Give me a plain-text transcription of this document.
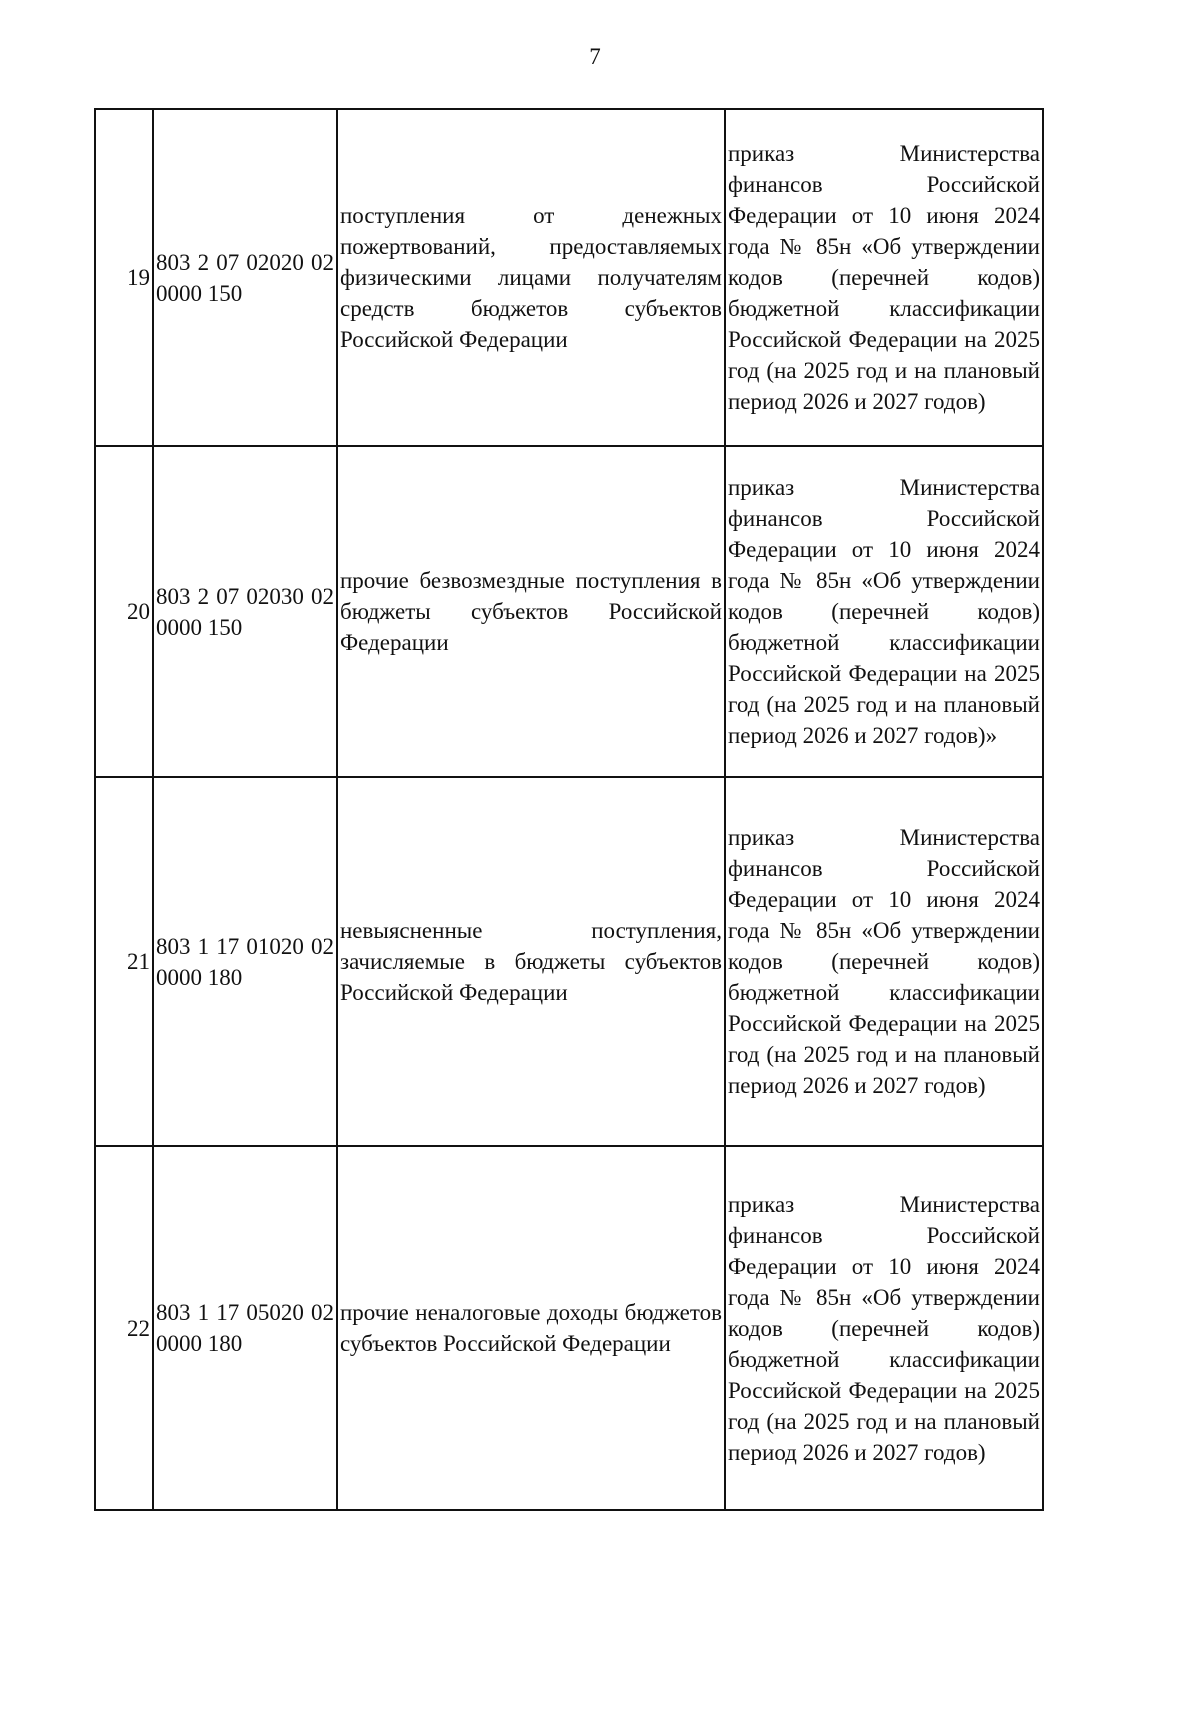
7
19	803 2 07 02020 02 0000 150	поступления от денежных пожертвований, предоставляемых физическими лицами получателям средств бюджетов субъектов Российской Федерации	приказ Министерства финансов Российской Федерации от 10 июня 2024 года № 85н «Об утверждении кодов (перечней кодов) бюджетной классификации Российской Федерации на 2025 год (на 2025 год и на плановый период 2026 и 2027 годов)
20	803 2 07 02030 02 0000 150	прочие безвозмездные поступления в бюджеты субъектов Российской Федерации	приказ Министерства финансов Российской Федерации от 10 июня 2024 года № 85н «Об утверждении кодов (перечней кодов) бюджетной классификации Российской Федерации на 2025 год (на 2025 год и на плановый период 2026 и 2027 годов)»
21	803 1 17 01020 02 0000 180	невыясненные поступления, зачисляемые в бюджеты субъектов Российской Федерации	приказ Министерства финансов Российской Федерации от 10 июня 2024 года № 85н «Об утверждении кодов (перечней кодов) бюджетной классификации Российской Федерации на 2025 год (на 2025 год и на плановый период 2026 и 2027 годов)
22	803 1 17 05020 02 0000 180	прочие неналоговые доходы бюджетов субъектов Российской Федерации	приказ Министерства финансов Российской Федерации от 10 июня 2024 года № 85н «Об утверждении кодов (перечней кодов) бюджетной классификации Российской Федерации на 2025 год (на 2025 год и на плановый период 2026 и 2027 годов)
